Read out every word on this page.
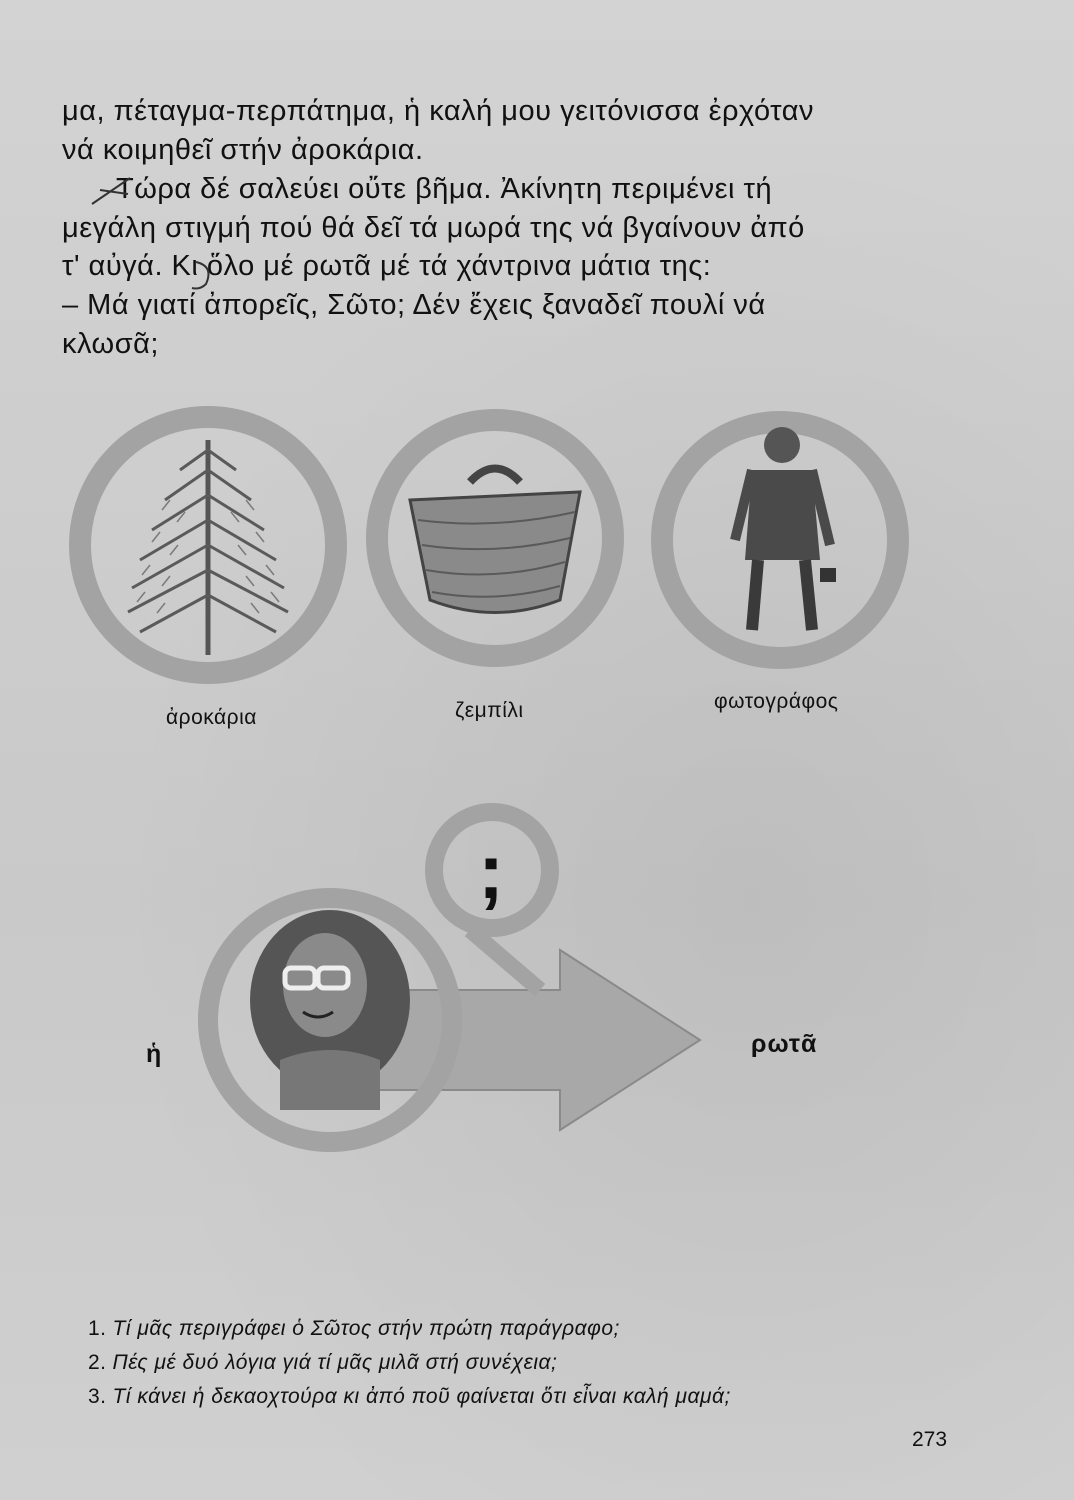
μα, πέταγμα-περπάτημα, ἡ καλή μου γειτόνισσα ἐρχόταν
νά κοιμηθεῖ στήν ἀροκάρια.
Τώρα δέ σαλεύει οὔτε βῆμα. Ἀκίνητη περιμένει τή
μεγάλη στιγμή πού θά δεῖ τά μωρά της νά βγαίνουν ἀπό
τ' αὐγά. Κι ὅλο μέ ρωτᾶ μέ τά χάντρινα μάτια της:
– Μά γιατί ἀπορεῖς, Σῶτο; Δέν ἔχεις ξαναδεῖ πουλί νά
κλωσᾶ;
ἀροκάρια	ζεμπίλι	φωτογράφος
;
ἡ	ρωτᾶ
1. Τί μᾶς περιγράφει ὁ Σῶτος στήν πρώτη παράγραφο;
2. Πές μέ δυό λόγια γιά τί μᾶς μιλᾶ στή συνέχεια;
3. Τί κάνει ἡ δεκαοχτούρα κι ἀπό ποῦ φαίνεται ὅτι εἶναι καλή μαμά;
273
